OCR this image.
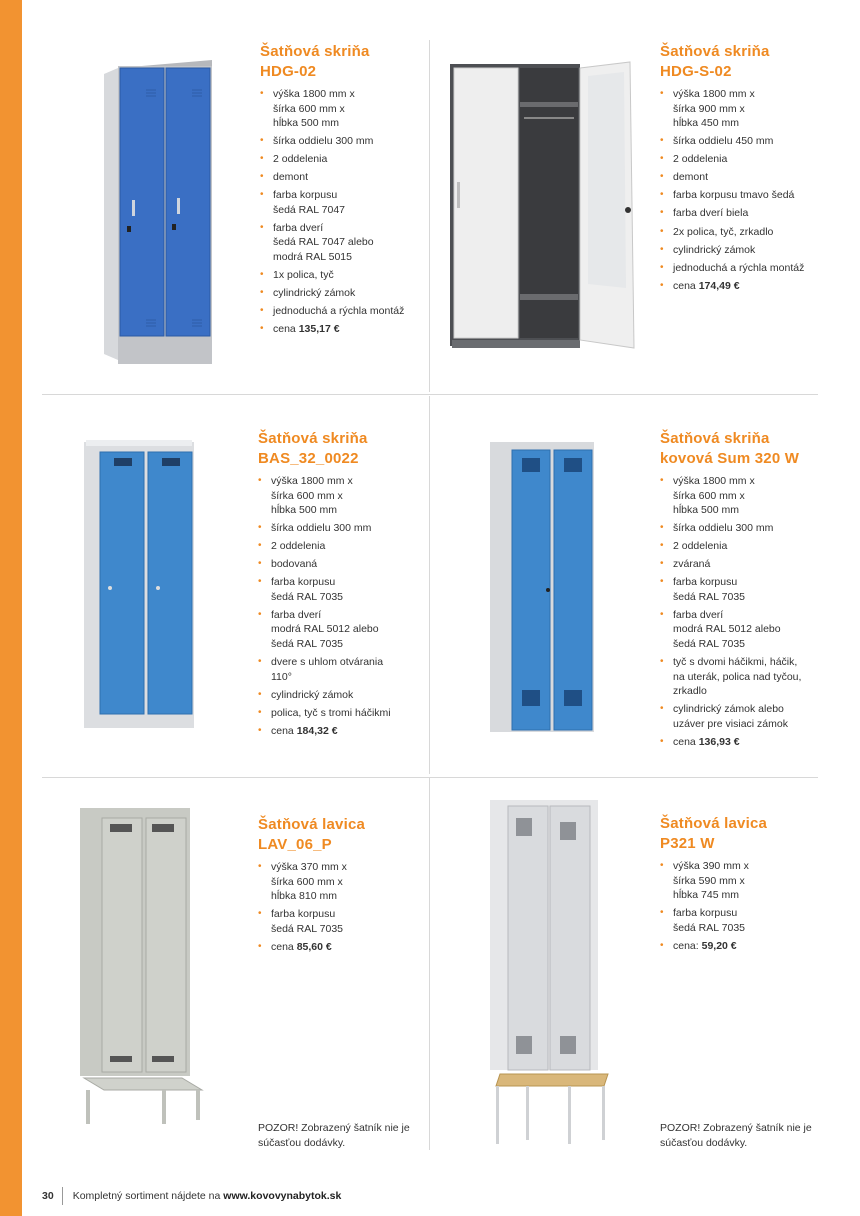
Šatňová skriňa
HDG-02
• výška 1800 mm x
šírka 600 mm x
hĺbka 500 mm
• šírka oddielu 300 mm
• 2 oddelenia
• demont
• farba korpusu
šedá RAL 7047
• farba dverí
šedá RAL 7047 alebo
modrá RAL 5015
• 1x polica, tyč
• cylindrický zámok
• jednoduchá a rýchla montáž
• cena 135,17 €
Šatňová skriňa
HDG-S-02
• výška 1800 mm x
šírka 900 mm x
hĺbka 450 mm
• šírka oddielu 450 mm
• 2 oddelenia
• demont
• farba korpusu tmavo šedá
• farba dverí biela
• 2x polica, tyč, zrkadlo
• cylindrický zámok
• jednoduchá a rýchla montáž
• cena 174,49 €
Šatňová skriňa
BAS_32_0022
• výška 1800 mm x
šírka 600 mm x
hĺbka 500 mm
• šírka oddielu 300 mm
• 2 oddelenia
• bodovaná
• farba korpusu
šedá RAL 7035
• farba dverí
modrá RAL 5012 alebo
šedá RAL 7035
• dvere s uhlom otvárania
110°
• cylindrický zámok
• polica, tyč s tromi háčikmi
• cena 184,32 €
Šatňová skriňa
kovová Sum 320 W
• výška 1800 mm x
šírka 600 mm x
hĺbka 500 mm
• šírka oddielu 300 mm
• 2 oddelenia
• zváraná
• farba korpusu
šedá RAL 7035
• farba dverí
modrá RAL 5012 alebo
šedá RAL 7035
• tyč s dvomi háčikmi, háčik,
na uterák, polica nad tyčou,
zrkadlo
• cylindrický zámok alebo
uzáver pre visiaci zámok
• cena 136,93 €
Šatňová lavica
LAV_06_P
• výška 370 mm x
šírka 600 mm x
hĺbka 810 mm
• farba korpusu
šedá RAL 7035
• cena 85,60 €
POZOR! Zobrazený šatník nie je súčasťou dodávky.
Šatňová lavica
P321 W
• výška 390 mm x
šírka 590 mm x
hĺbka 745 mm
• farba korpusu
šedá RAL 7035
• cena: 59,20 €
POZOR! Zobrazený šatník nie je súčasťou dodávky.
30 Kompletný sortiment nájdete na
www.kovovynabytok.sk
